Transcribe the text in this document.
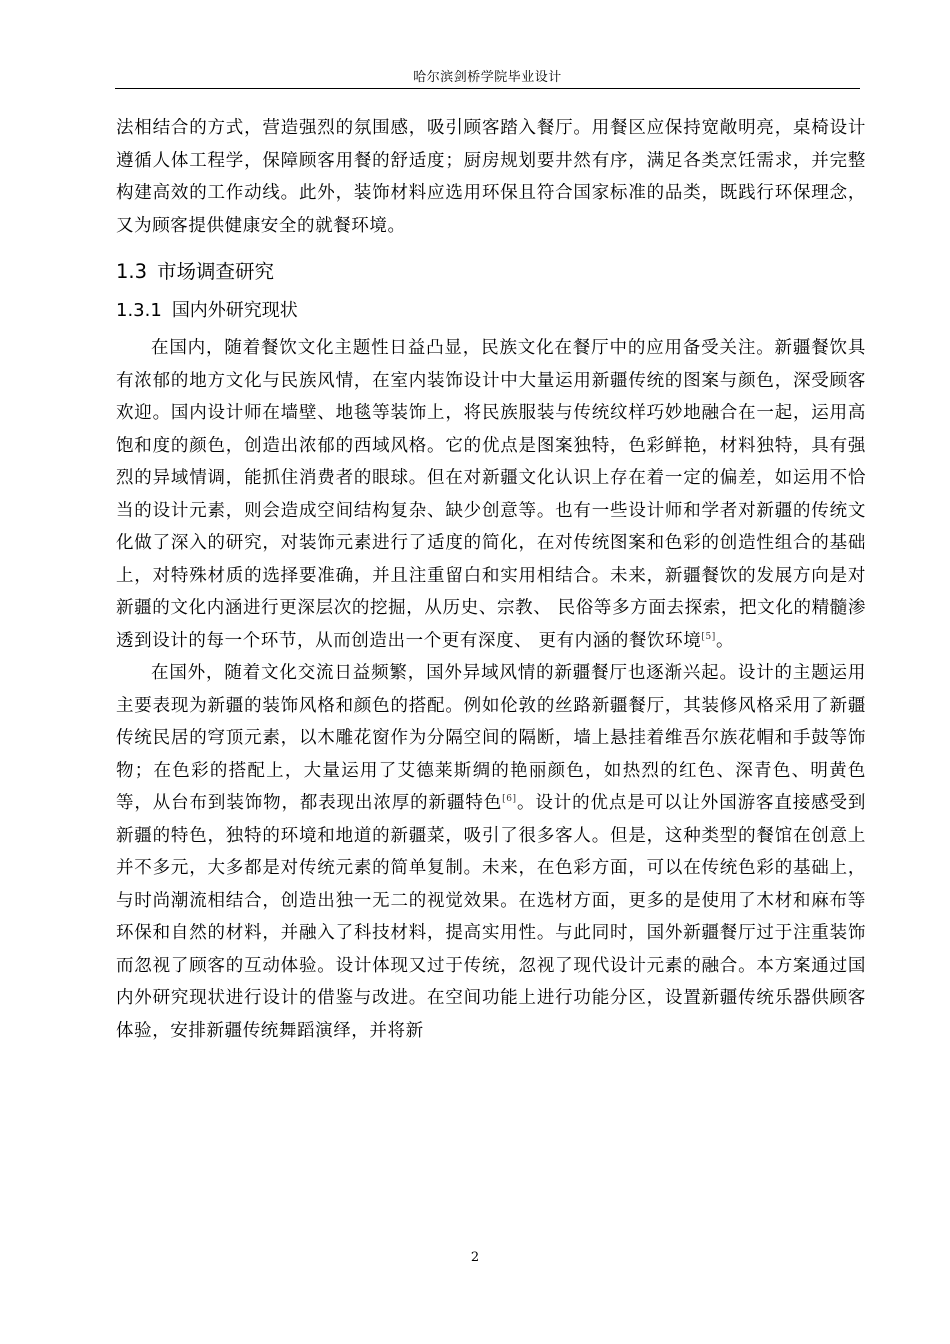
哈尔滨剑桥学院毕业设计

法相结合的方式，营造强烈的氛围感，吸引顾客踏入餐厅。用餐区应保持宽敞明亮，桌椅设计遵循人体工程学，保障顾客用餐的舒适度；厨房规划要井然有序，满足各类烹饪需求，并完整构建高效的工作动线。此外，装饰材料应选用环保且符合国家标准的品类，既践行环保理念，又为顾客提供健康安全的就餐环境。

1.3 市场调查研究
1.3.1 国内外研究现状

在国内，随着餐饮文化主题性日益凸显，民族文化在餐厅中的应用备受关注。新疆餐饮具有浓郁的地方文化与民族风情，在室内装饰设计中大量运用新疆传统的图案与颜色，深受顾客欢迎。国内设计师在墙壁、地毯等装饰上，将民族服装与传统纹样巧妙地融合在一起，运用高饱和度的颜色，创造出浓郁的西域风格。它的优点是图案独特，色彩鲜艳，材料独特，具有强烈的异域情调，能抓住消费者的眼球。但在对新疆文化认识上存在着一定的偏差，如运用不恰当的设计元素，则会造成空间结构复杂、缺少创意等。也有一些设计师和学者对新疆的传统文化做了深入的研究，对装饰元素进行了适度的简化，在对传统图案和色彩的创造性组合的基础上，对特殊材质的选择要准确，并且注重留白和实用相结合。未来，新疆餐饮的发展方向是对新疆的文化内涵进行更深层次的挖掘，从历史、宗教、 民俗等多方面去探索，把文化的精髓渗透到设计的每一个环节，从而创造出一个更有深度、 更有内涵的餐饮环境[5]。

在国外，随着文化交流日益频繁，国外异域风情的新疆餐厅也逐渐兴起。设计的主题运用主要表现为新疆的装饰风格和颜色的搭配。例如伦敦的丝路新疆餐厅，其装修风格采用了新疆传统民居的穹顶元素，以木雕花窗作为分隔空间的隔断，墙上悬挂着维吾尔族花帽和手鼓等饰物；在色彩的搭配上，大量运用了艾德莱斯绸的艳丽颜色，如热烈的红色、深青色、明黄色等，从台布到装饰物，都表现出浓厚的新疆特色[6]。设计的优点是可以让外国游客直接感受到新疆的特色，独特的环境和地道的新疆菜，吸引了很多客人。但是，这种类型的餐馆在创意上并不多元，大多都是对传统元素的简单复制。未来，在色彩方面，可以在传统色彩的基础上，与时尚潮流相结合，创造出独一无二的视觉效果。在选材方面，更多的是使用了木材和麻布等环保和自然的材料，并融入了科技材料，提高实用性。与此同时，国外新疆餐厅过于注重装饰而忽视了顾客的互动体验。设计体现又过于传统，忽视了现代设计元素的融合。本方案通过国内外研究现状进行设计的借鉴与改进。在空间功能上进行功能分区，设置新疆传统乐器供顾客体验，安排新疆传统舞蹈演绎，并将新

2
